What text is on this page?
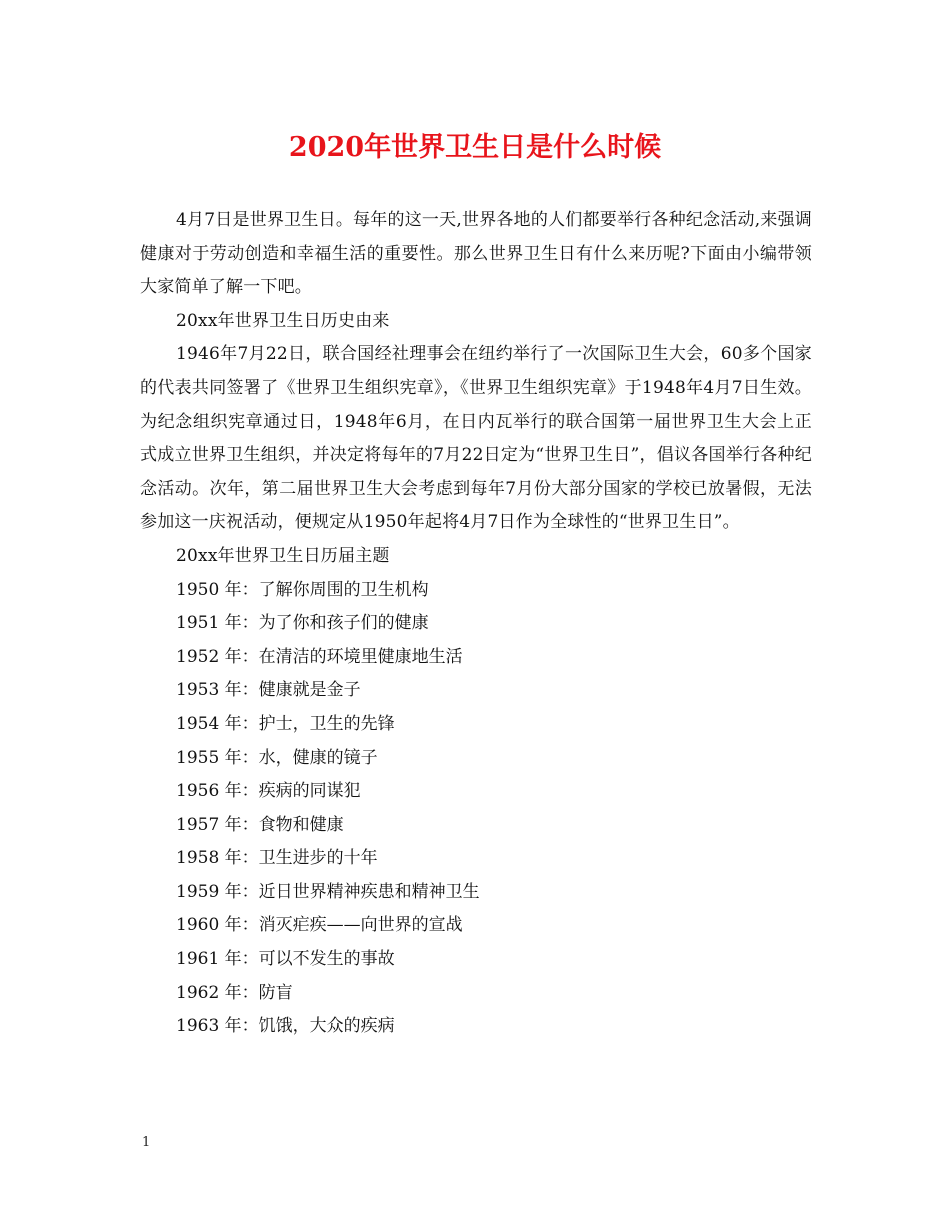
2020年世界卫生日是什么时候

4月7日是世界卫生日。每年的这一天,世界各地的人们都要举行各种纪念活动,来强调健康对于劳动创造和幸福生活的重要性。那么世界卫生日有什么来历呢?下面由小编带领大家简单了解一下吧。

20xx年世界卫生日历史由来

1946年7月22日，联合国经社理事会在纽约举行了一次国际卫生大会，60多个国家的代表共同签署了《世界卫生组织宪章》，《世界卫生组织宪章》于1948年4月7日生效。为纪念组织宪章通过日，1948年6月，在日内瓦举行的联合国第一届世界卫生大会上正式成立世界卫生组织，并决定将每年的7月22日定为“世界卫生日”，倡议各国举行各种纪念活动。次年，第二届世界卫生大会考虑到每年7月份大部分国家的学校已放暑假，无法参加这一庆祝活动，便规定从1950年起将4月7日作为全球性的“世界卫生日”。

20xx年世界卫生日历届主题

1950 年：了解你周围的卫生机构

1951 年：为了你和孩子们的健康

1952 年：在清洁的环境里健康地生活

1953 年：健康就是金子

1954 年：护士，卫生的先锋

1955 年：水，健康的镜子

1956 年：疾病的同谋犯

1957 年：食物和健康

1958 年：卫生进步的十年

1959 年：近日世界精神疾患和精神卫生

1960 年：消灭疟疾——向世界的宣战

1961 年：可以不发生的事故

1962 年：防盲

1963 年：饥饿，大众的疾病

1
